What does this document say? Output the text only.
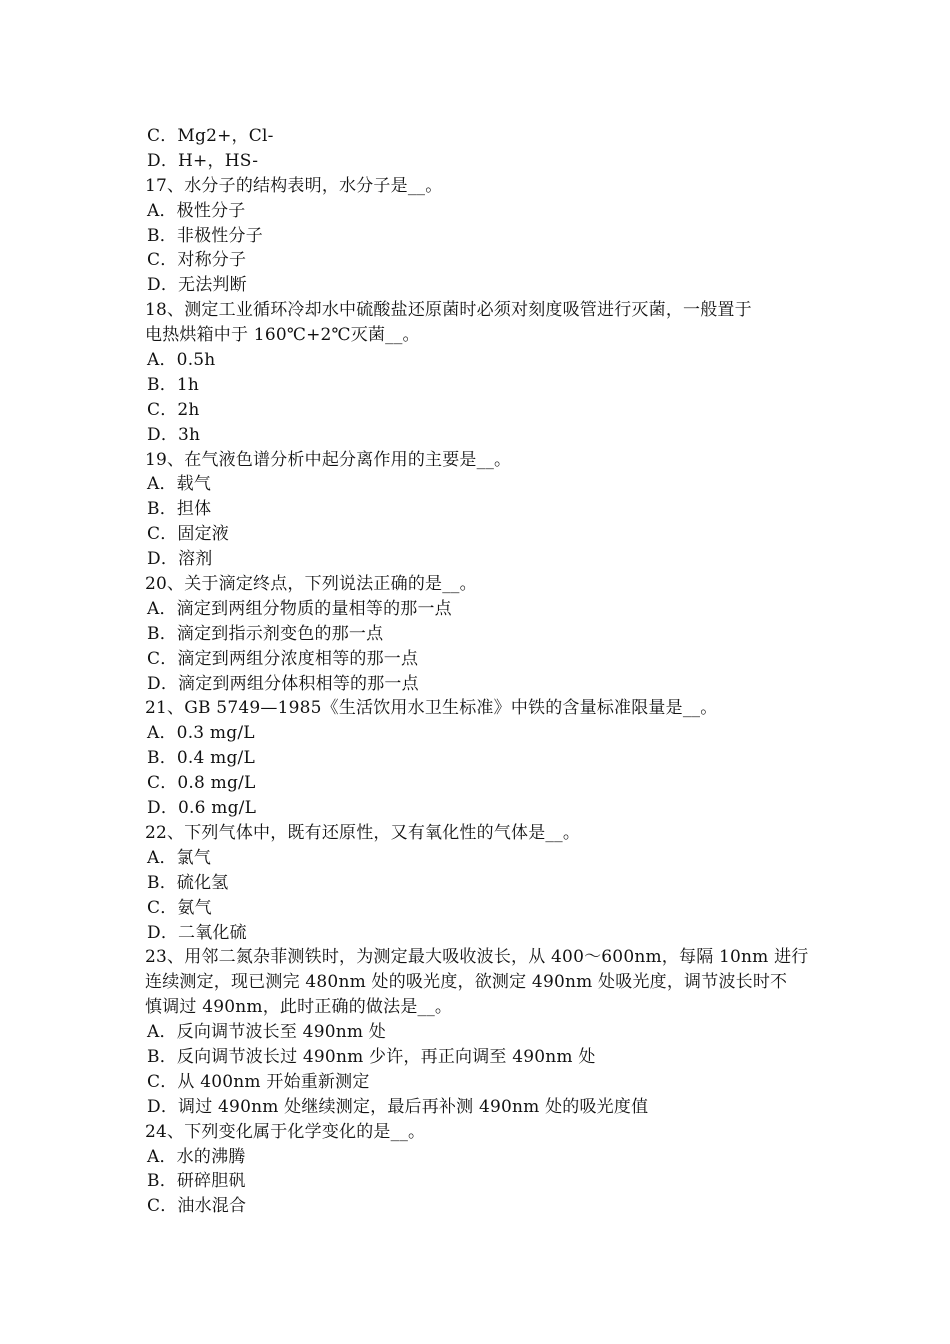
C．Mg2+，Cl-
D．H+，HS-
17、水分子的结构表明，水分子是__。
A．极性分子
B．非极性分子
C．对称分子
D．无法判断
18、测定工业循环冷却水中硫酸盐还原菌时必须对刻度吸管进行灭菌，一般置于
电热烘箱中于 160℃+2℃灭菌__。
A．0.5h
B．1h
C．2h
D．3h
19、在气液色谱分析中起分离作用的主要是__。
A．载气
B．担体
C．固定液
D．溶剂
20、关于滴定终点，下列说法正确的是__。
A．滴定到两组分物质的量相等的那一点
B．滴定到指示剂变色的那一点
C．滴定到两组分浓度相等的那一点
D．滴定到两组分体积相等的那一点
21、GB 5749—1985《生活饮用水卫生标准》中铁的含量标准限量是__。
A．0.3 mg/L
B．0.4 mg/L
C．0.8 mg/L
D．0.6 mg/L
22、下列气体中，既有还原性，又有氧化性的气体是__。
A．氯气
B．硫化氢
C．氨气
D．二氧化硫
23、用邻二氮杂菲测铁时，为测定最大吸收波长，从 400～600nm，每隔 10nm 进行
连续测定，现已测完 480nm 处的吸光度，欲测定 490nm 处吸光度，调节波长时不
慎调过 490nm，此时正确的做法是__。
A．反向调节波长至 490nm 处
B．反向调节波长过 490nm 少许，再正向调至 490nm 处
C．从 400nm 开始重新测定
D．调过 490nm 处继续测定，最后再补测 490nm 处的吸光度值
24、下列变化属于化学变化的是__。
A．水的沸腾
B．研碎胆矾
C．油水混合
